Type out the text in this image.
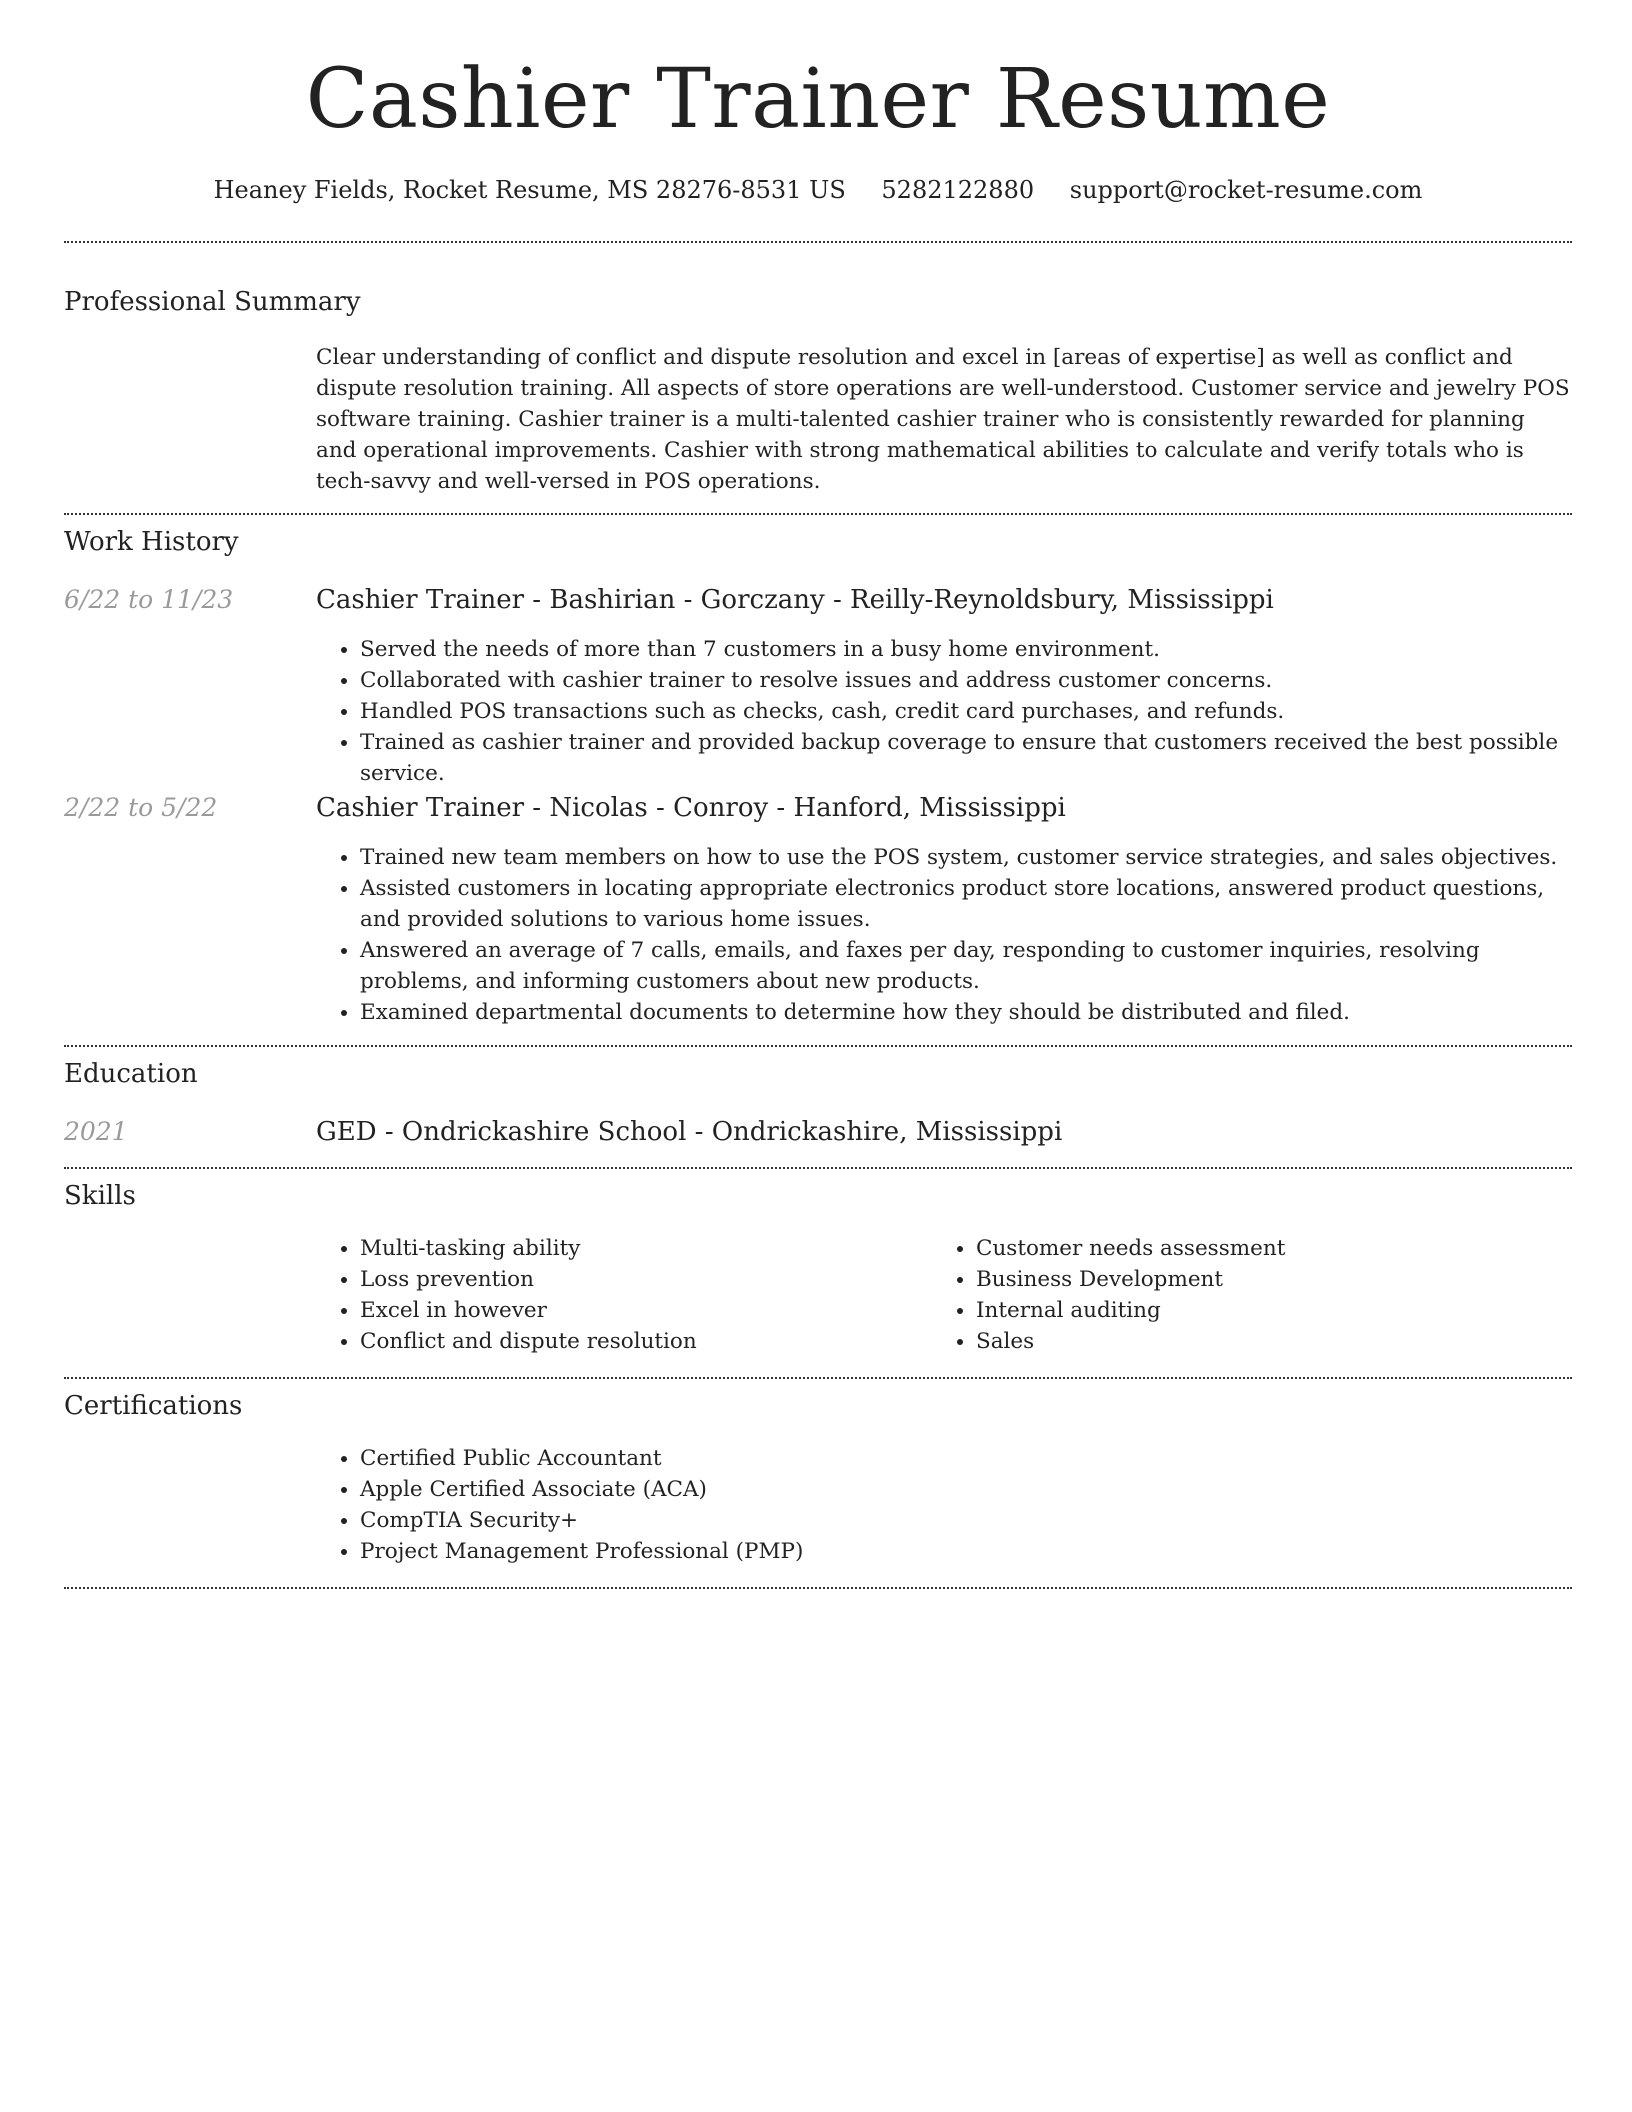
Cashier Trainer Resume
Heaney Fields, Rocket Resume, MS 28276-8531 US 5282122880 support@rocket-resume.com
Professional Summary
Clear understanding of conflict and dispute resolution and excel in [areas of expertise] as well as conflict and dispute resolution training. All aspects of store operations are well-understood. Customer service and jewelry POS software training. Cashier trainer is a multi-talented cashier trainer who is consistently rewarded for planning and operational improvements. Cashier with strong mathematical abilities to calculate and verify totals who is tech-savvy and well-versed in POS operations.
Work History
6/22 to 11/23	Cashier Trainer - Bashirian - Gorczany - Reilly-Reynoldsbury, Mississippi
• Served the needs of more than 7 customers in a busy home environment.
• Collaborated with cashier trainer to resolve issues and address customer concerns.
• Handled POS transactions such as checks, cash, credit card purchases, and refunds.
• Trained as cashier trainer and provided backup coverage to ensure that customers received the best possible service.
2/22 to 5/22	Cashier Trainer - Nicolas - Conroy - Hanford, Mississippi
• Trained new team members on how to use the POS system, customer service strategies, and sales objectives.
• Assisted customers in locating appropriate electronics product store locations, answered product questions, and provided solutions to various home issues.
• Answered an average of 7 calls, emails, and faxes per day, responding to customer inquiries, resolving problems, and informing customers about new products.
• Examined departmental documents to determine how they should be distributed and filed.
Education
2021	GED - Ondrickashire School - Ondrickashire, Mississippi
Skills
• Multi-tasking ability
• Loss prevention
• Excel in however
• Conflict and dispute resolution
• Customer needs assessment
• Business Development
• Internal auditing
• Sales
Certifications
• Certified Public Accountant
• Apple Certified Associate (ACA)
• CompTIA Security+
• Project Management Professional (PMP)
